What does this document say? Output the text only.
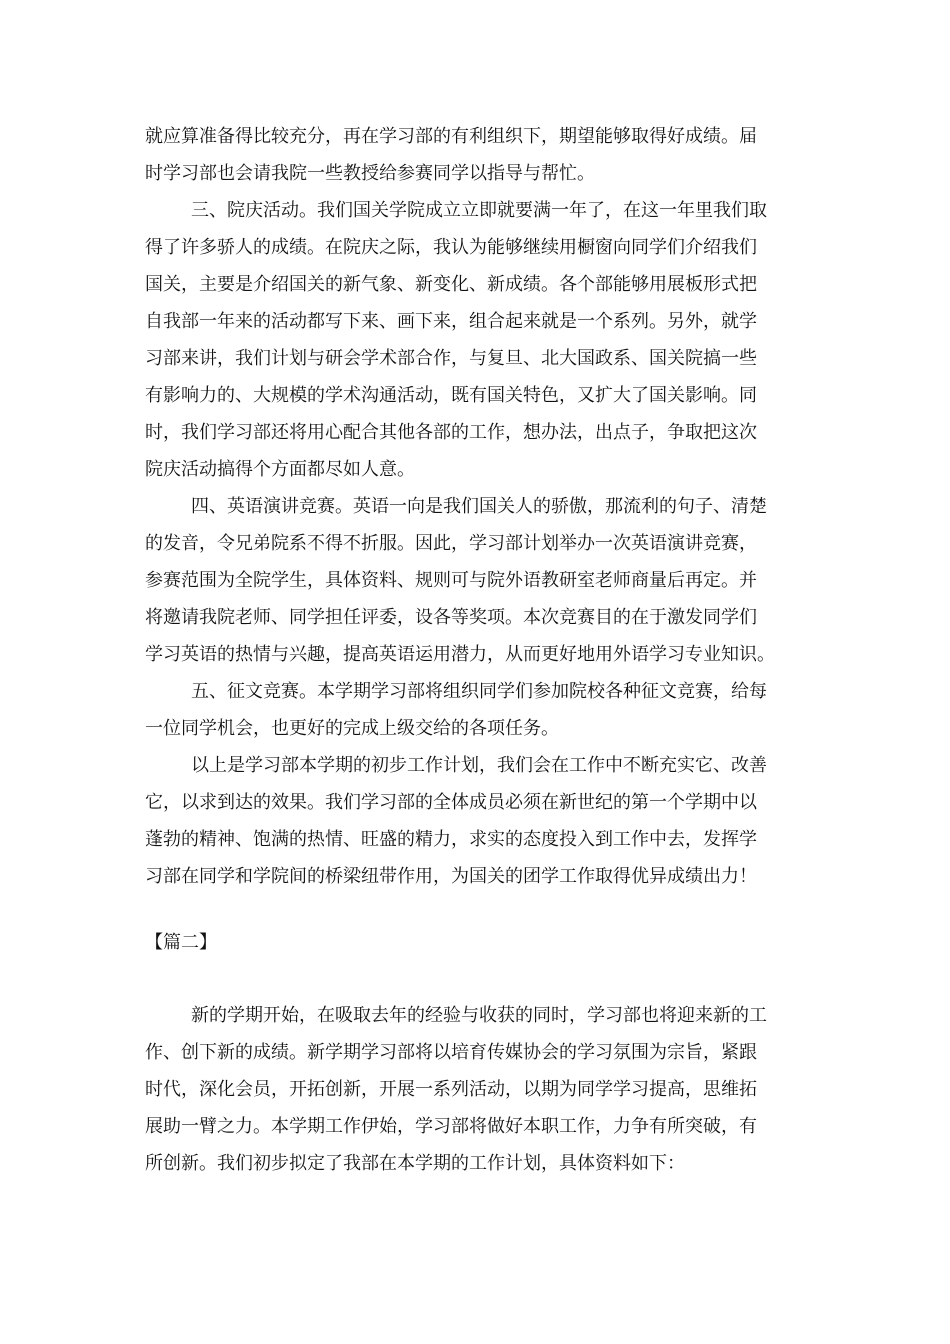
就应算准备得比较充分，再在学习部的有利组织下，期望能够取得好成绩。届
时学习部也会请我院一些教授给参赛同学以指导与帮忙。
三、院庆活动。我们国关学院成立立即就要满一年了，在这一年里我们取
得了许多骄人的成绩。在院庆之际，我认为能够继续用橱窗向同学们介绍我们
国关，主要是介绍国关的新气象、新变化、新成绩。各个部能够用展板形式把
自我部一年来的活动都写下来、画下来，组合起来就是一个系列。另外，就学
习部来讲，我们计划与研会学术部合作，与复旦、北大国政系、国关院搞一些
有影响力的、大规模的学术沟通活动，既有国关特色，又扩大了国关影响。同
时，我们学习部还将用心配合其他各部的工作，想办法，出点子，争取把这次
院庆活动搞得个方面都尽如人意。
四、英语演讲竞赛。英语一向是我们国关人的骄傲，那流利的句子、清楚
的发音，令兄弟院系不得不折服。因此，学习部计划举办一次英语演讲竞赛，
参赛范围为全院学生，具体资料、规则可与院外语教研室老师商量后再定。并
将邀请我院老师、同学担任评委，设各等奖项。本次竞赛目的在于激发同学们
学习英语的热情与兴趣，提高英语运用潜力，从而更好地用外语学习专业知识。
五、征文竞赛。本学期学习部将组织同学们参加院校各种征文竞赛，给每
一位同学机会，也更好的完成上级交给的各项任务。
以上是学习部本学期的初步工作计划，我们会在工作中不断充实它、改善
它，以求到达的效果。我们学习部的全体成员必须在新世纪的第一个学期中以
蓬勃的精神、饱满的热情、旺盛的精力，求实的态度投入到工作中去，发挥学
习部在同学和学院间的桥梁纽带作用，为国关的团学工作取得优异成绩出力！
【篇二】
新的学期开始，在吸取去年的经验与收获的同时，学习部也将迎来新的工
作、创下新的成绩。新学期学习部将以培育传媒协会的学习氛围为宗旨，紧跟
时代，深化会员，开拓创新，开展一系列活动，以期为同学学习提高，思维拓
展助一臂之力。本学期工作伊始，学习部将做好本职工作，力争有所突破，有
所创新。我们初步拟定了我部在本学期的工作计划，具体资料如下：
